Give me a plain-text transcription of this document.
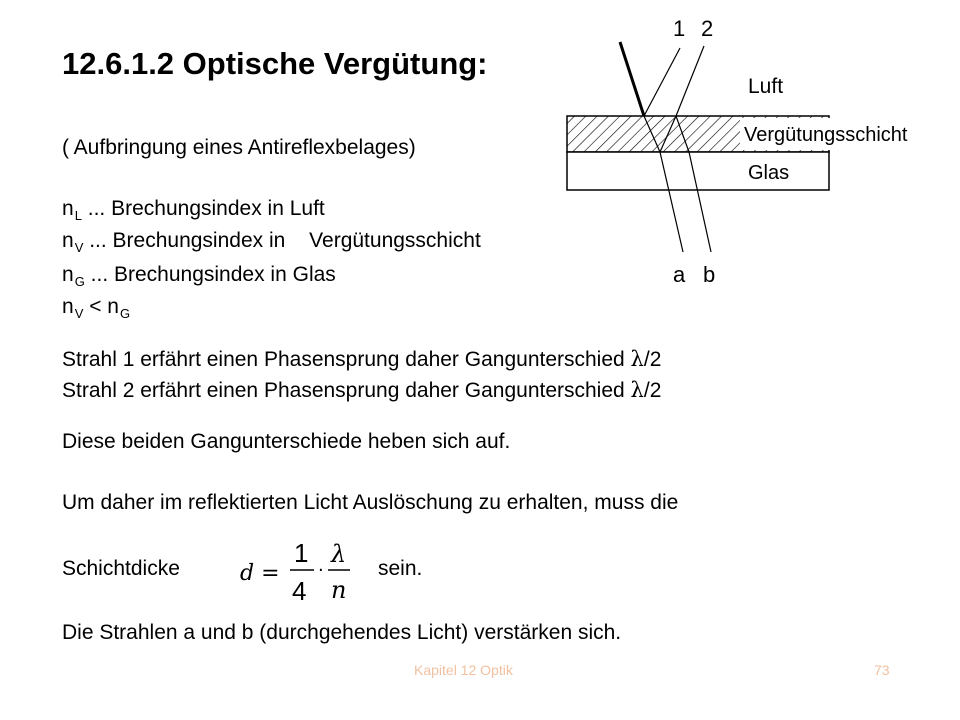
12.6.1.2 Optische Vergütung:
( Aufbringung eines Antireflexbelages)
$n_L$ ... Brechungsindex in Luft
$n_V$ ... Brechungsindex in Vergütungsschicht
$n_G$ ... Brechungsindex in Glas
$n_V < n_G$
Strahl 1 erfährt einen Phasensprung daher Gangunterschied λ/2
Strahl 2 erfährt einen Phasensprung daher Gangunterschied λ/2
Diese beiden Gangunterschiede heben sich auf.
Um daher im reflektierten Licht Auslöschung zu erhalten, muss die
Schichtdicke	sein.
d =
1
4
·
λ
n
Die Strahlen a und b (durchgehendes Licht) verstärken sich.
1 2
a b
Luft
Vergütungsschicht
Glas
Kapitel 12 Optik	73
